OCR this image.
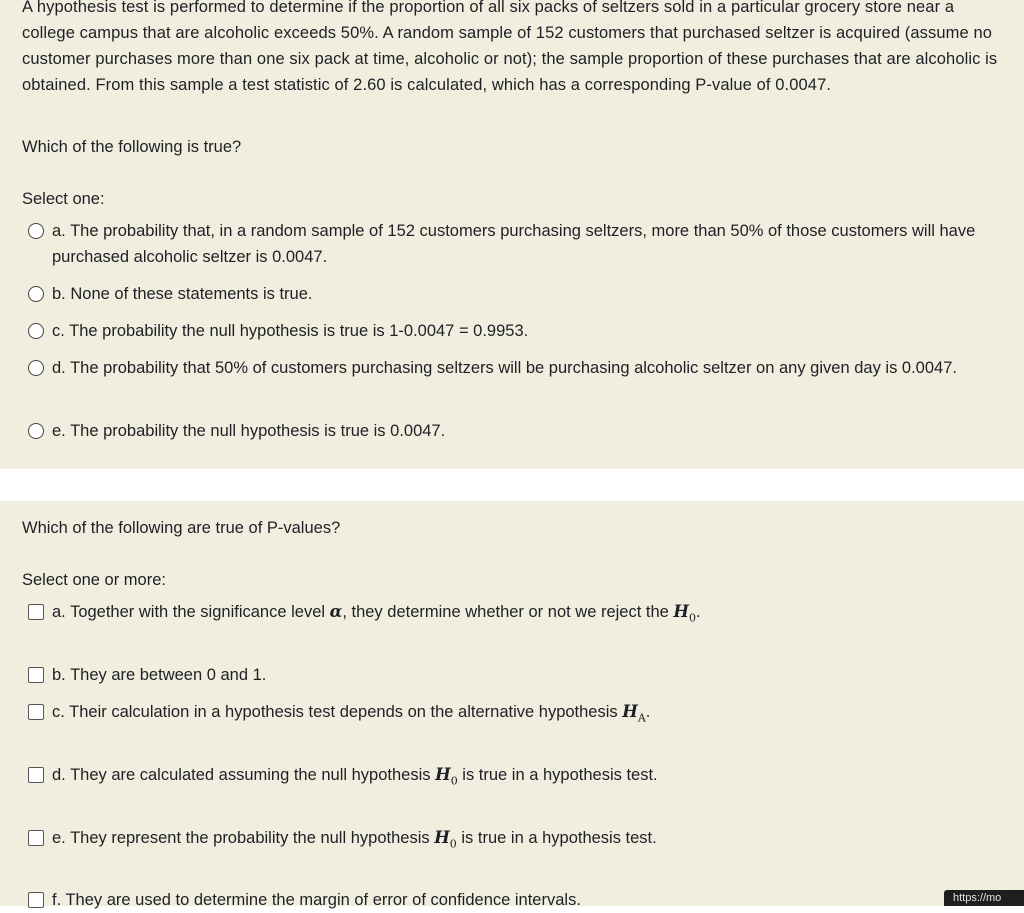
A hypothesis test is performed to determine if the proportion of all six packs of seltzers sold in a particular grocery store near a college campus that are alcoholic exceeds 50%. A random sample of 152 customers that purchased seltzer is acquired (assume no customer purchases more than one six pack at time, alcoholic or not); the sample proportion of these purchases that are alcoholic is obtained. From this sample a test statistic of 2.60 is calculated, which has a corresponding P-value of 0.0047.

Which of the following is true?

Select one:

a. The probability that, in a random sample of 152 customers purchasing seltzers, more than 50% of those customers will have purchased alcoholic seltzer is 0.0047.
b. None of these statements is true.
c. The probability the null hypothesis is true is 1-0.0047 = 0.9953.
d. The probability that 50% of customers purchasing seltzers will be purchasing alcoholic seltzer on any given day is 0.0047.
e. The probability the null hypothesis is true is 0.0047.

Which of the following are true of P-values?

Select one or more:

a. Together with the significance level α, they determine whether or not we reject the $H_0$.
b. They are between 0 and 1.
c. Their calculation in a hypothesis test depends on the alternative hypothesis $H_A$.
d. They are calculated assuming the null hypothesis $H_0$ is true in a hypothesis test.
e. They represent the probability the null hypothesis $H_0$ is true in a hypothesis test.
f. They are used to determine the margin of error of confidence intervals.	https://mo
